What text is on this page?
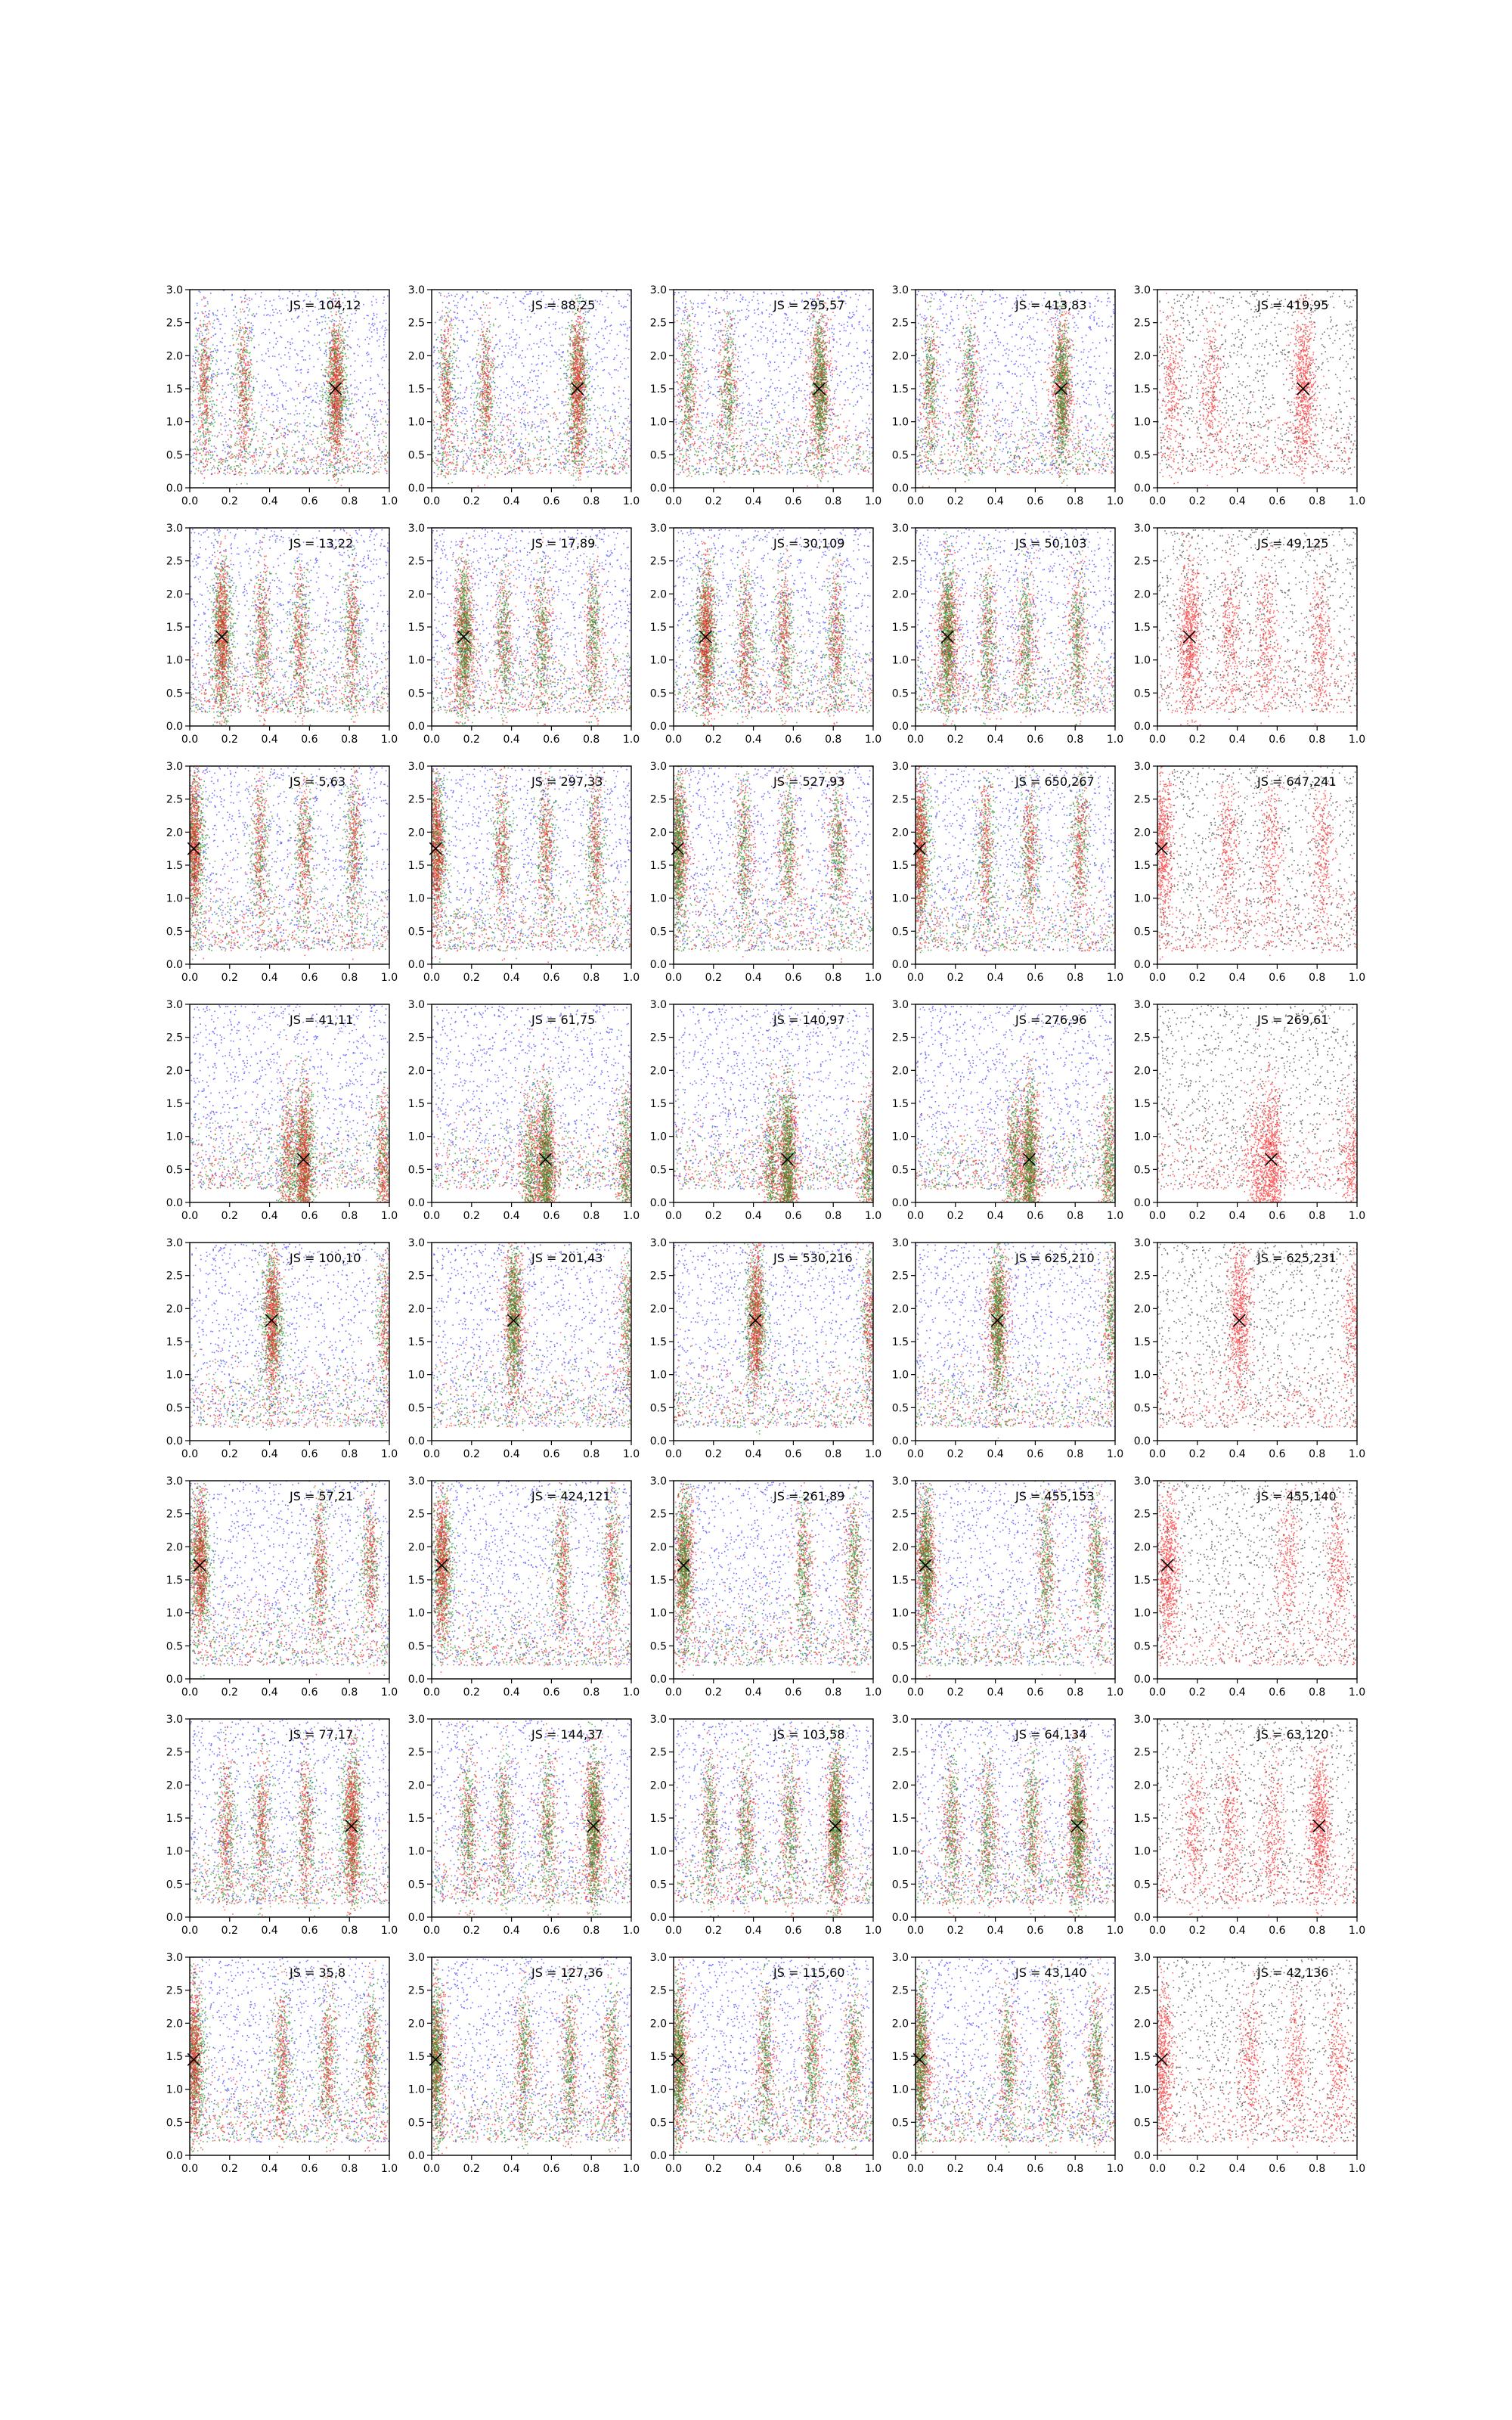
0.0 0.2 0.4 0.6 0.8 1.0
0.0
0.5
1.0
1.5
2.0
2.5
3.0
JS = 104,12
0.0 0.2 0.4 0.6 0.8 1.0
0.0
0.5
1.0
1.5
2.0
2.5
3.0
JS = 88,25
0.0 0.2 0.4 0.6 0.8 1.0
0.0
0.5
1.0
1.5
2.0
2.5
3.0
JS = 295,57
0.0 0.2 0.4 0.6 0.8 1.0
0.0
0.5
1.0
1.5
2.0
2.5
3.0
JS = 413,83
0.0 0.2 0.4 0.6 0.8 1.0
0.0
0.5
1.0
1.5
2.0
2.5
3.0
JS = 419,95
0.0 0.2 0.4 0.6 0.8 1.0
0.0
0.5
1.0
1.5
2.0
2.5
3.0
JS = 13,22
0.0 0.2 0.4 0.6 0.8 1.0
0.0
0.5
1.0
1.5
2.0
2.5
3.0
JS = 17,89
0.0 0.2 0.4 0.6 0.8 1.0
0.0
0.5
1.0
1.5
2.0
2.5
3.0
JS = 30,109
0.0 0.2 0.4 0.6 0.8 1.0
0.0
0.5
1.0
1.5
2.0
2.5
3.0
JS = 50,103
0.0 0.2 0.4 0.6 0.8 1.0
0.0
0.5
1.0
1.5
2.0
2.5
3.0
JS = 49,125
0.0 0.2 0.4 0.6 0.8 1.0
0.0
0.5
1.0
1.5
2.0
2.5
3.0
JS = 5,63
0.0 0.2 0.4 0.6 0.8 1.0
0.0
0.5
1.0
1.5
2.0
2.5
3.0
JS = 297,33
0.0 0.2 0.4 0.6 0.8 1.0
0.0
0.5
1.0
1.5
2.0
2.5
3.0
JS = 527,93
0.0 0.2 0.4 0.6 0.8 1.0
0.0
0.5
1.0
1.5
2.0
2.5
3.0
JS = 650,267
0.0 0.2 0.4 0.6 0.8 1.0
0.0
0.5
1.0
1.5
2.0
2.5
3.0
JS = 647,241
0.0 0.2 0.4 0.6 0.8 1.0
0.0
0.5
1.0
1.5
2.0
2.5
3.0
JS = 41,11
0.0 0.2 0.4 0.6 0.8 1.0
0.0
0.5
1.0
1.5
2.0
2.5
3.0
JS = 61,75
0.0 0.2 0.4 0.6 0.8 1.0
0.0
0.5
1.0
1.5
2.0
2.5
3.0
JS = 140,97
0.0 0.2 0.4 0.6 0.8 1.0
0.0
0.5
1.0
1.5
2.0
2.5
3.0
JS = 276,96
0.0 0.2 0.4 0.6 0.8 1.0
0.0
0.5
1.0
1.5
2.0
2.5
3.0
JS = 269,61
0.0 0.2 0.4 0.6 0.8 1.0
0.0
0.5
1.0
1.5
2.0
2.5
3.0
JS = 100,10
0.0 0.2 0.4 0.6 0.8 1.0
0.0
0.5
1.0
1.5
2.0
2.5
3.0
JS = 201,43
0.0 0.2 0.4 0.6 0.8 1.0
0.0
0.5
1.0
1.5
2.0
2.5
3.0
JS = 530,216
0.0 0.2 0.4 0.6 0.8 1.0
0.0
0.5
1.0
1.5
2.0
2.5
3.0
JS = 625,210
0.0 0.2 0.4 0.6 0.8 1.0
0.0
0.5
1.0
1.5
2.0
2.5
3.0
JS = 625,231
0.0 0.2 0.4 0.6 0.8 1.0
0.0
0.5
1.0
1.5
2.0
2.5
3.0
JS = 57,21
0.0 0.2 0.4 0.6 0.8 1.0
0.0
0.5
1.0
1.5
2.0
2.5
3.0
JS = 424,121
0.0 0.2 0.4 0.6 0.8 1.0
0.0
0.5
1.0
1.5
2.0
2.5
3.0
JS = 261,89
0.0 0.2 0.4 0.6 0.8 1.0
0.0
0.5
1.0
1.5
2.0
2.5
3.0
JS = 455,153
0.0 0.2 0.4 0.6 0.8 1.0
0.0
0.5
1.0
1.5
2.0
2.5
3.0
JS = 455,140
0.0 0.2 0.4 0.6 0.8 1.0
0.0
0.5
1.0
1.5
2.0
2.5
3.0
JS = 77,17
0.0 0.2 0.4 0.6 0.8 1.0
0.0
0.5
1.0
1.5
2.0
2.5
3.0
JS = 144,37
0.0 0.2 0.4 0.6 0.8 1.0
0.0
0.5
1.0
1.5
2.0
2.5
3.0
JS = 103,58
0.0 0.2 0.4 0.6 0.8 1.0
0.0
0.5
1.0
1.5
2.0
2.5
3.0
JS = 64,134
0.0 0.2 0.4 0.6 0.8 1.0
0.0
0.5
1.0
1.5
2.0
2.5
3.0
JS = 63,120
0.0 0.2 0.4 0.6 0.8 1.0
0.0
0.5
1.0
1.5
2.0
2.5
3.0
JS = 35,8
0.0 0.2 0.4 0.6 0.8 1.0
0.0
0.5
1.0
1.5
2.0
2.5
3.0
JS = 127,36
0.0 0.2 0.4 0.6 0.8 1.0
0.0
0.5
1.0
1.5
2.0
2.5
3.0
JS = 115,60
0.0 0.2 0.4 0.6 0.8 1.0
0.0
0.5
1.0
1.5
2.0
2.5
3.0
JS = 43,140
0.0 0.2 0.4 0.6 0.8 1.0
0.0
0.5
1.0
1.5
2.0
2.5
3.0
JS = 42,136
